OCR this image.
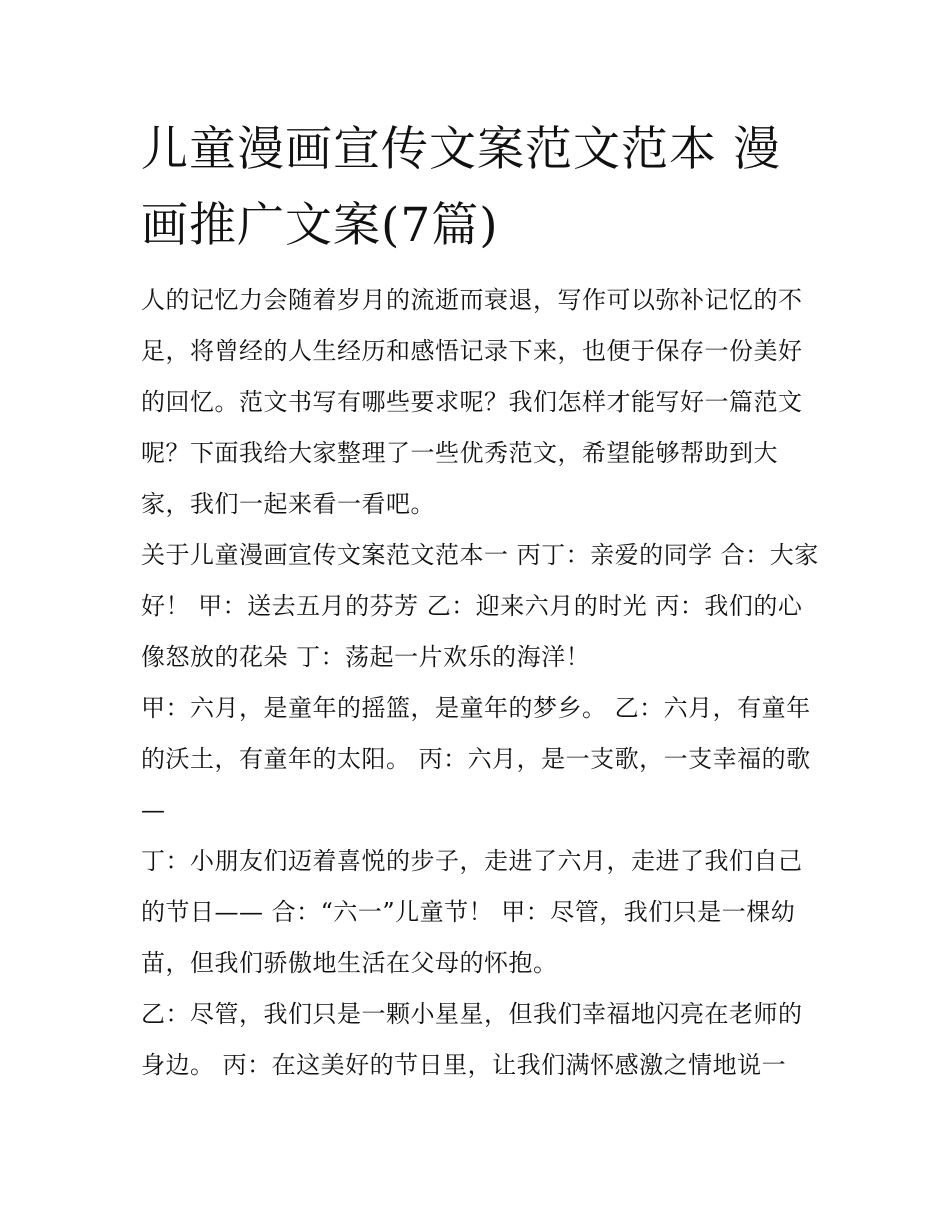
儿童漫画宣传文案范文范本 漫画推广文案(7篇)

人的记忆力会随着岁月的流逝而衰退，写作可以弥补记忆的不足，将曾经的人生经历和感悟记录下来，也便于保存一份美好的回忆。范文书写有哪些要求呢？我们怎样才能写好一篇范文呢？下面我给大家整理了一些优秀范文，希望能够帮助到大家，我们一起来看一看吧。

关于儿童漫画宣传文案范文范本一 丙丁：亲爱的同学 合：大家好！ 甲：送去五月的芬芳 乙：迎来六月的时光 丙：我们的心像怒放的花朵 丁：荡起一片欢乐的海洋！

甲：六月，是童年的摇篮，是童年的梦乡。 乙：六月，有童年的沃土，有童年的太阳。 丙：六月，是一支歌，一支幸福的歌—

丁：小朋友们迈着喜悦的步子，走进了六月，走进了我们自己的节日—— 合：“六一”儿童节！ 甲：尽管，我们只是一棵幼苗，但我们骄傲地生活在父母的怀抱。

乙：尽管，我们只是一颗小星星，但我们幸福地闪亮在老师的身边。 丙：在这美好的节日里，让我们满怀感激之情地说一
